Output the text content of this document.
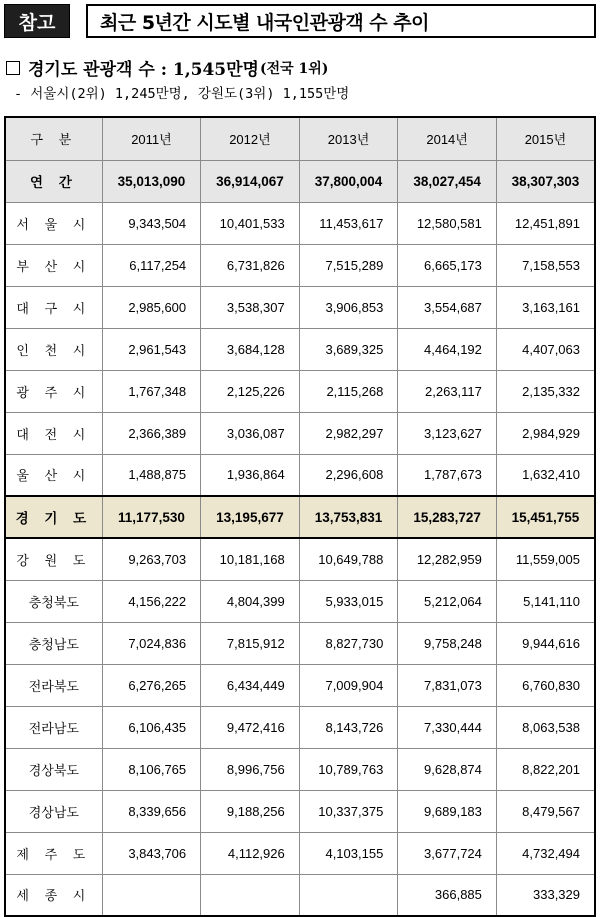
참고	최근 5년간 시도별 내국인관광객 수 추이
경기도 관광객 수 : 1,545만명 (전국 1위)
- 서울시(2위) 1,245만명, 강원도(3위) 1,155만명
구 분	2011년	2012년	2013년	2014년	2015년
연 간	35,013,090	36,914,067	37,800,004	38,027,454	38,307,303
서 울 시	9,343,504	10,401,533	11,453,617	12,580,581	12,451,891
부 산 시	6,117,254	6,731,826	7,515,289	6,665,173	7,158,553
대 구 시	2,985,600	3,538,307	3,906,853	3,554,687	3,163,161
인 천 시	2,961,543	3,684,128	3,689,325	4,464,192	4,407,063
광 주 시	1,767,348	2,125,226	2,115,268	2,263,117	2,135,332
대 전 시	2,366,389	3,036,087	2,982,297	3,123,627	2,984,929
울 산 시	1,488,875	1,936,864	2,296,608	1,787,673	1,632,410
경 기 도	11,177,530	13,195,677	13,753,831	15,283,727	15,451,755
강 원 도	9,263,703	10,181,168	10,649,788	12,282,959	11,559,005
충청북도	4,156,222	4,804,399	5,933,015	5,212,064	5,141,110
충청남도	7,024,836	7,815,912	8,827,730	9,758,248	9,944,616
전라북도	6,276,265	6,434,449	7,009,904	7,831,073	6,760,830
전라남도	6,106,435	9,472,416	8,143,726	7,330,444	8,063,538
경상북도	8,106,765	8,996,756	10,789,763	9,628,874	8,822,201
경상남도	8,339,656	9,188,256	10,337,375	9,689,183	8,479,567
제 주 도	3,843,706	4,112,926	4,103,155	3,677,724	4,732,494
세 종 시				366,885	333,329
